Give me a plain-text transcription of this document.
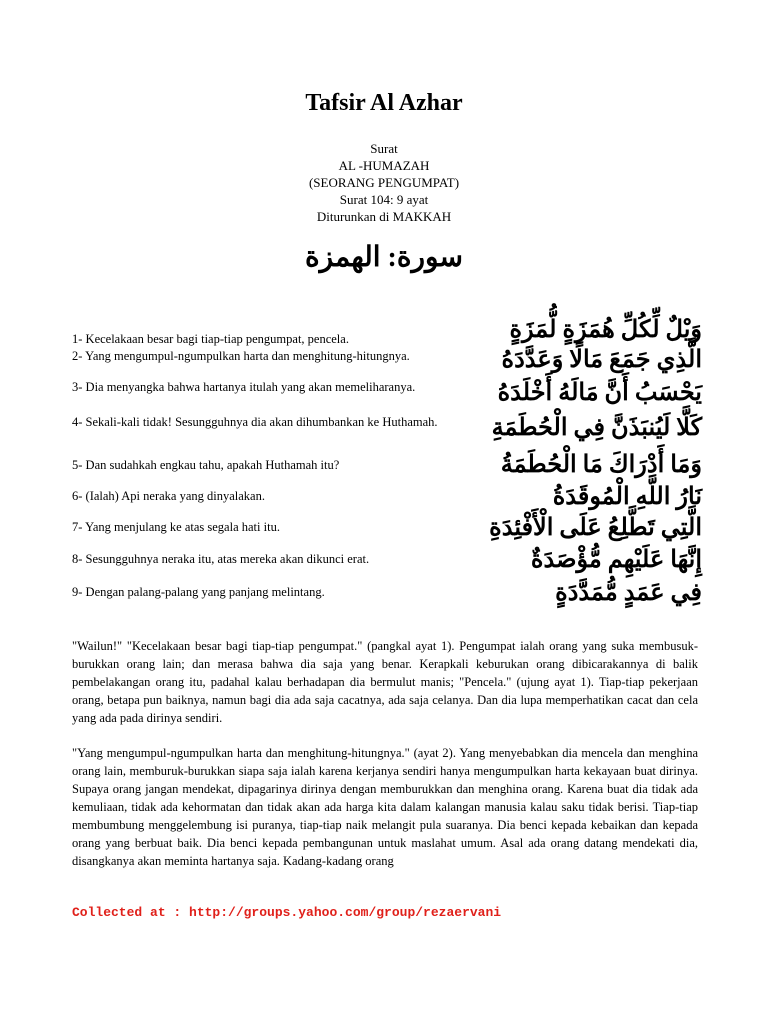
Tafsir Al Azhar
Surat
AL -HUMAZAH
(SEORANG PENGUMPAT)
Surat 104: 9 ayat
Diturunkan di MAKKAH
سورة: الهمزة
1- Kecelakaan besar bagi tiap-tiap pengumpat, pencela.	وَيْلٌ لِّكُلِّ هُمَزَةٍ لُّمَزَةٍ
2- Yang mengumpul-ngumpulkan harta dan menghitung-hitungnya.	الَّذِي جَمَعَ مَالًا وَعَدَّدَهُ
3- Dia menyangka bahwa hartanya itulah yang akan memeliharanya.	يَحْسَبُ أَنَّ مَالَهُ أَخْلَدَهُ
4- Sekali-kali tidak! Sesungguhnya dia akan dihumbankan ke Huthamah.	كَلَّا لَيُنبَذَنَّ فِي الْحُطَمَةِ
5- Dan sudahkah engkau tahu, apakah Huthamah itu?	وَمَا أَدْرَاكَ مَا الْحُطَمَةُ
6- (Ialah) Api neraka yang dinyalakan.	نَارُ اللَّهِ الْمُوقَدَةُ
7- Yang menjulang ke atas segala hati itu.	الَّتِي تَطَّلِعُ عَلَى الْأَفْئِدَةِ
8- Sesungguhnya neraka itu, atas mereka akan dikunci erat.	إِنَّهَا عَلَيْهِم مُّؤْصَدَةٌ
9- Dengan palang-palang yang panjang melintang.	فِي عَمَدٍ مُّمَدَّدَةٍ
"Wailun!" "Kecelakaan besar bagi tiap-tiap pengumpat." (pangkal ayat 1). Pengumpat ialah orang yang suka membusuk-burukkan orang lain; dan merasa bahwa dia saja yang benar. Kerapkali keburukan orang dibicarakannya di balik pembelakangan orang itu, padahal kalau berhadapan dia bermulut manis; "Pencela." (ujung ayat 1). Tiap-tiap pekerjaan orang, betapa pun baiknya, namun bagi dia ada saja cacatnya, ada saja celanya. Dan dia lupa memperhatikan cacat dan cela yang ada pada dirinya sendiri.
"Yang mengumpul-ngumpulkan harta dan menghitung-hitungnya." (ayat 2). Yang menyebabkan dia mencela dan menghina orang lain, memburuk-burukkan siapa saja ialah karena kerjanya sendiri hanya mengumpulkan harta kekayaan buat dirinya. Supaya orang jangan mendekat, dipagarinya dirinya dengan memburukkan dan menghina orang. Karena buat dia tidak ada kemuliaan, tidak ada kehormatan dan tidak akan ada harga kita dalam kalangan manusia kalau saku tidak berisi. Tiap-tiap membumbung menggelembung isi puranya, tiap-tiap naik melangit pula suaranya. Dia benci kepada kebaikan dan kepada orang yang berbuat baik. Dia benci kepada pembangunan untuk maslahat umum. Asal ada orang datang mendekati dia, disangkanya akan meminta hartanya saja. Kadang-kadang orang
Collected at : http://groups.yahoo.com/group/rezaervani
